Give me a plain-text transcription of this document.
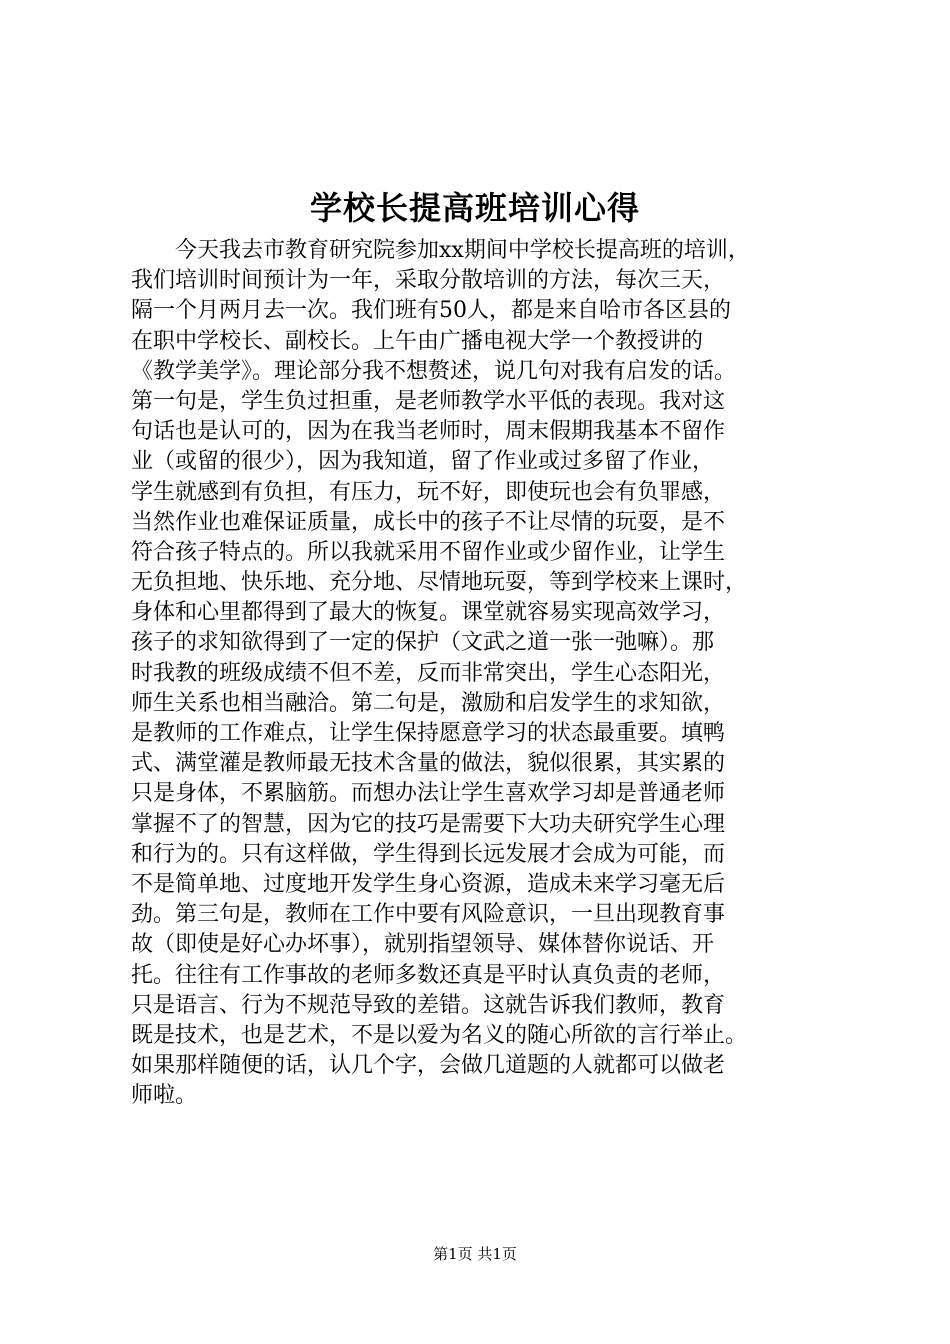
学校长提高班培训心得
今天我去市教育研究院参加xx期间中学校长提高班的培训，
我们培训时间预计为一年，采取分散培训的方法，每次三天，
隔一个月两月去一次。我们班有50人，都是来自哈市各区县的
在职中学校长、副校长。上午由广播电视大学一个教授讲的
《教学美学》。理论部分我不想赘述，说几句对我有启发的话。
第一句是，学生负过担重，是老师教学水平低的表现。我对这
句话也是认可的，因为在我当老师时，周末假期我基本不留作
业（或留的很少），因为我知道，留了作业或过多留了作业，
学生就感到有负担，有压力，玩不好，即使玩也会有负罪感，
当然作业也难保证质量，成长中的孩子不让尽情的玩耍，是不
符合孩子特点的。所以我就采用不留作业或少留作业，让学生
无负担地、快乐地、充分地、尽情地玩耍，等到学校来上课时，
身体和心里都得到了最大的恢复。课堂就容易实现高效学习，
孩子的求知欲得到了一定的保护（文武之道一张一弛嘛）。那
时我教的班级成绩不但不差，反而非常突出，学生心态阳光，
师生关系也相当融洽。第二句是，激励和启发学生的求知欲，
是教师的工作难点，让学生保持愿意学习的状态最重要。填鸭
式、满堂灌是教师最无技术含量的做法，貌似很累，其实累的
只是身体，不累脑筋。而想办法让学生喜欢学习却是普通老师
掌握不了的智慧，因为它的技巧是需要下大功夫研究学生心理
和行为的。只有这样做，学生得到长远发展才会成为可能，而
不是简单地、过度地开发学生身心资源，造成未来学习毫无后
劲。第三句是，教师在工作中要有风险意识，一旦出现教育事
故（即使是好心办坏事），就别指望领导、媒体替你说话、开
托。往往有工作事故的老师多数还真是平时认真负责的老师，
只是语言、行为不规范导致的差错。这就告诉我们教师，教育
既是技术，也是艺术，不是以爱为名义的随心所欲的言行举止。
如果那样随便的话，认几个字，会做几道题的人就都可以做老
师啦。
第1页 共1页
